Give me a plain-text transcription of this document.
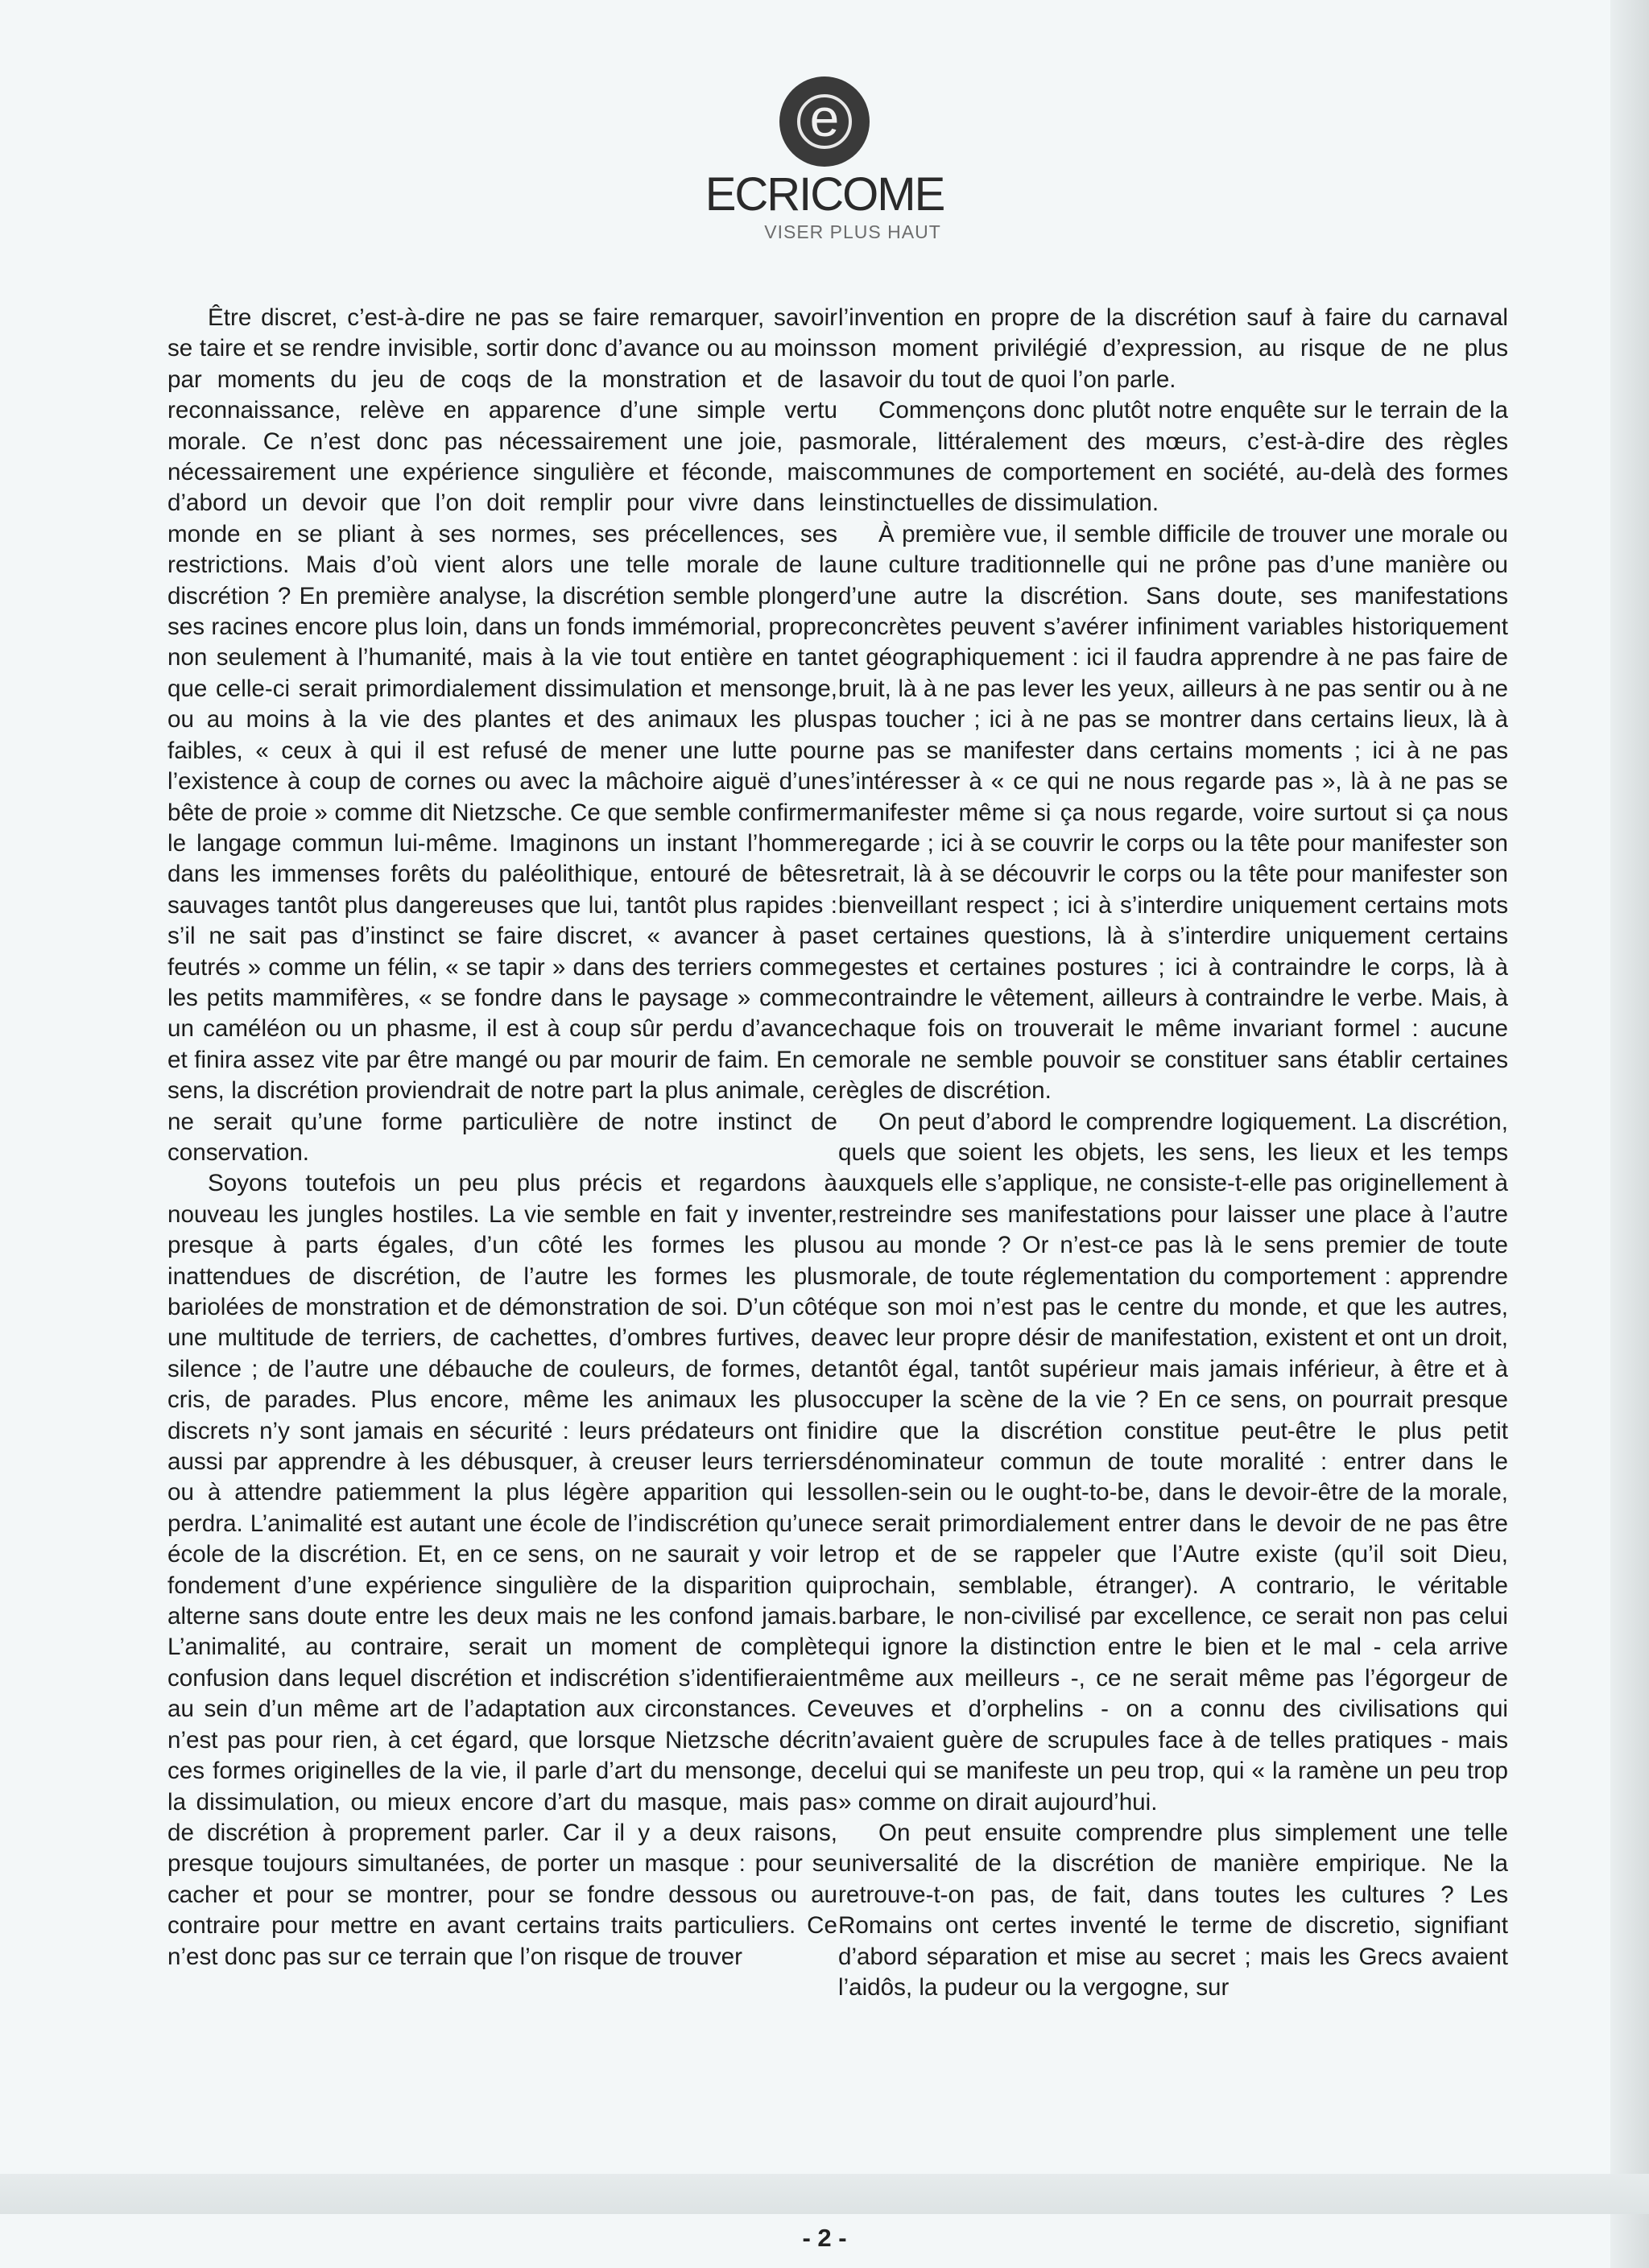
e
ECRICOME
VISER PLUS HAUT

Être discret, c’est-à-dire ne pas se faire remarquer, savoir se taire et se rendre invisible, sortir donc d’avance ou au moins par moments du jeu de coqs de la monstration et de la reconnaissance, relève en apparence d’une simple vertu morale. Ce n’est donc pas nécessairement une joie, pas nécessairement une expérience singulière et féconde, mais d’abord un devoir que l’on doit remplir pour vivre dans le monde en se pliant à ses normes, ses précellences, ses restrictions. Mais d’où vient alors une telle morale de la discrétion ? En première analyse, la discrétion semble plonger ses racines encore plus loin, dans un fonds immémorial, propre non seulement à l’humanité, mais à la vie tout entière en tant que celle-ci serait primordialement dissimulation et mensonge, ou au moins à la vie des plantes et des animaux les plus faibles, « ceux à qui il est refusé de mener une lutte pour l’existence à coup de cornes ou avec la mâchoire aiguë d’une bête de proie » comme dit Nietzsche. Ce que semble confirmer le langage commun lui-même. Imaginons un instant l’homme dans les immenses forêts du paléolithique, entouré de bêtes sauvages tantôt plus dangereuses que lui, tantôt plus rapides : s’il ne sait pas d’instinct se faire discret, « avancer à pas feutrés » comme un félin, « se tapir » dans des terriers comme les petits mammifères, « se fondre dans le paysage » comme un caméléon ou un phasme, il est à coup sûr perdu d’avance et finira assez vite par être mangé ou par mourir de faim. En ce sens, la discrétion proviendrait de notre part la plus animale, ce ne serait qu’une forme particulière de notre instinct de conservation.

Soyons toutefois un peu plus précis et regardons à nouveau les jungles hostiles. La vie semble en fait y inventer, presque à parts égales, d’un côté les formes les plus inattendues de discrétion, de l’autre les formes les plus bariolées de monstration et de démonstration de soi. D’un côté une multitude de terriers, de cachettes, d’ombres furtives, de silence ; de l’autre une débauche de couleurs, de formes, de cris, de parades. Plus encore, même les animaux les plus discrets n’y sont jamais en sécurité : leurs prédateurs ont fini aussi par apprendre à les débusquer, à creuser leurs terriers ou à attendre patiemment la plus légère apparition qui les perdra. L’animalité est autant une école de l’indiscrétion qu’une école de la discrétion. Et, en ce sens, on ne saurait y voir le fondement d’une expérience singulière de la disparition qui alterne sans doute entre les deux mais ne les confond jamais. L’animalité, au contraire, serait un moment de complète confusion dans lequel discrétion et indiscrétion s’identifieraient au sein d’un même art de l’adaptation aux circonstances. Ce n’est pas pour rien, à cet égard, que lorsque Nietzsche décrit ces formes originelles de la vie, il parle d’art du mensonge, de la dissimulation, ou mieux encore d’art du masque, mais pas de discrétion à proprement parler. Car il y a deux raisons, presque toujours simultanées, de porter un masque : pour se cacher et pour se montrer, pour se fondre dessous ou au contraire pour mettre en avant certains traits particuliers. Ce n’est donc pas sur ce terrain que l’on risque de trouver

l’invention en propre de la discrétion sauf à faire du carnaval son moment privilégié d’expression, au risque de ne plus savoir du tout de quoi l’on parle.

Commençons donc plutôt notre enquête sur le terrain de la morale, littéralement des mœurs, c’est-à-dire des règles communes de comportement en société, au-delà des formes instinctuelles de dissimulation.

À première vue, il semble difficile de trouver une morale ou une culture traditionnelle qui ne prône pas d’une manière ou d’une autre la discrétion. Sans doute, ses manifestations concrètes peuvent s’avérer infiniment variables historiquement et géographiquement : ici il faudra apprendre à ne pas faire de bruit, là à ne pas lever les yeux, ailleurs à ne pas sentir ou à ne pas toucher ; ici à ne pas se montrer dans certains lieux, là à ne pas se manifester dans certains moments ; ici à ne pas s’intéresser à « ce qui ne nous regarde pas », là à ne pas se manifester même si ça nous regarde, voire surtout si ça nous regarde ; ici à se couvrir le corps ou la tête pour manifester son retrait, là à se découvrir le corps ou la tête pour manifester son bienveillant respect ; ici à s’interdire uniquement certains mots et certaines questions, là à s’interdire uniquement certains gestes et certaines postures ; ici à contraindre le corps, là à contraindre le vêtement, ailleurs à contraindre le verbe. Mais, à chaque fois on trouverait le même invariant formel : aucune morale ne semble pouvoir se constituer sans établir certaines règles de discrétion.

On peut d’abord le comprendre logiquement. La discrétion, quels que soient les objets, les sens, les lieux et les temps auxquels elle s’applique, ne consiste-t-elle pas originellement à restreindre ses manifestations pour laisser une place à l’autre ou au monde ? Or n’est-ce pas là le sens premier de toute morale, de toute réglementation du comportement : apprendre que son moi n’est pas le centre du monde, et que les autres, avec leur propre désir de manifestation, existent et ont un droit, tantôt égal, tantôt supérieur mais jamais inférieur, à être et à occuper la scène de la vie ? En ce sens, on pourrait presque dire que la discrétion constitue peut-être le plus petit dénominateur commun de toute moralité : entrer dans le sollen-sein ou le ought-to-be, dans le devoir-être de la morale, ce serait primordialement entrer dans le devoir de ne pas être trop et de se rappeler que l’Autre existe (qu’il soit Dieu, prochain, semblable, étranger). A contrario, le véritable barbare, le non-civilisé par excellence, ce serait non pas celui qui ignore la distinction entre le bien et le mal - cela arrive même aux meilleurs -, ce ne serait même pas l’égorgeur de veuves et d’orphelins - on a connu des civilisations qui n’avaient guère de scrupules face à de telles pratiques - mais celui qui se manifeste un peu trop, qui « la ramène un peu trop » comme on dirait aujourd’hui.

On peut ensuite comprendre plus simplement une telle universalité de la discrétion de manière empirique. Ne la retrouve-t-on pas, de fait, dans toutes les cultures ? Les Romains ont certes inventé le terme de discretio, signifiant d’abord séparation et mise au secret ; mais les Grecs avaient l’aidôs, la pudeur ou la vergogne, sur

- 2 -
